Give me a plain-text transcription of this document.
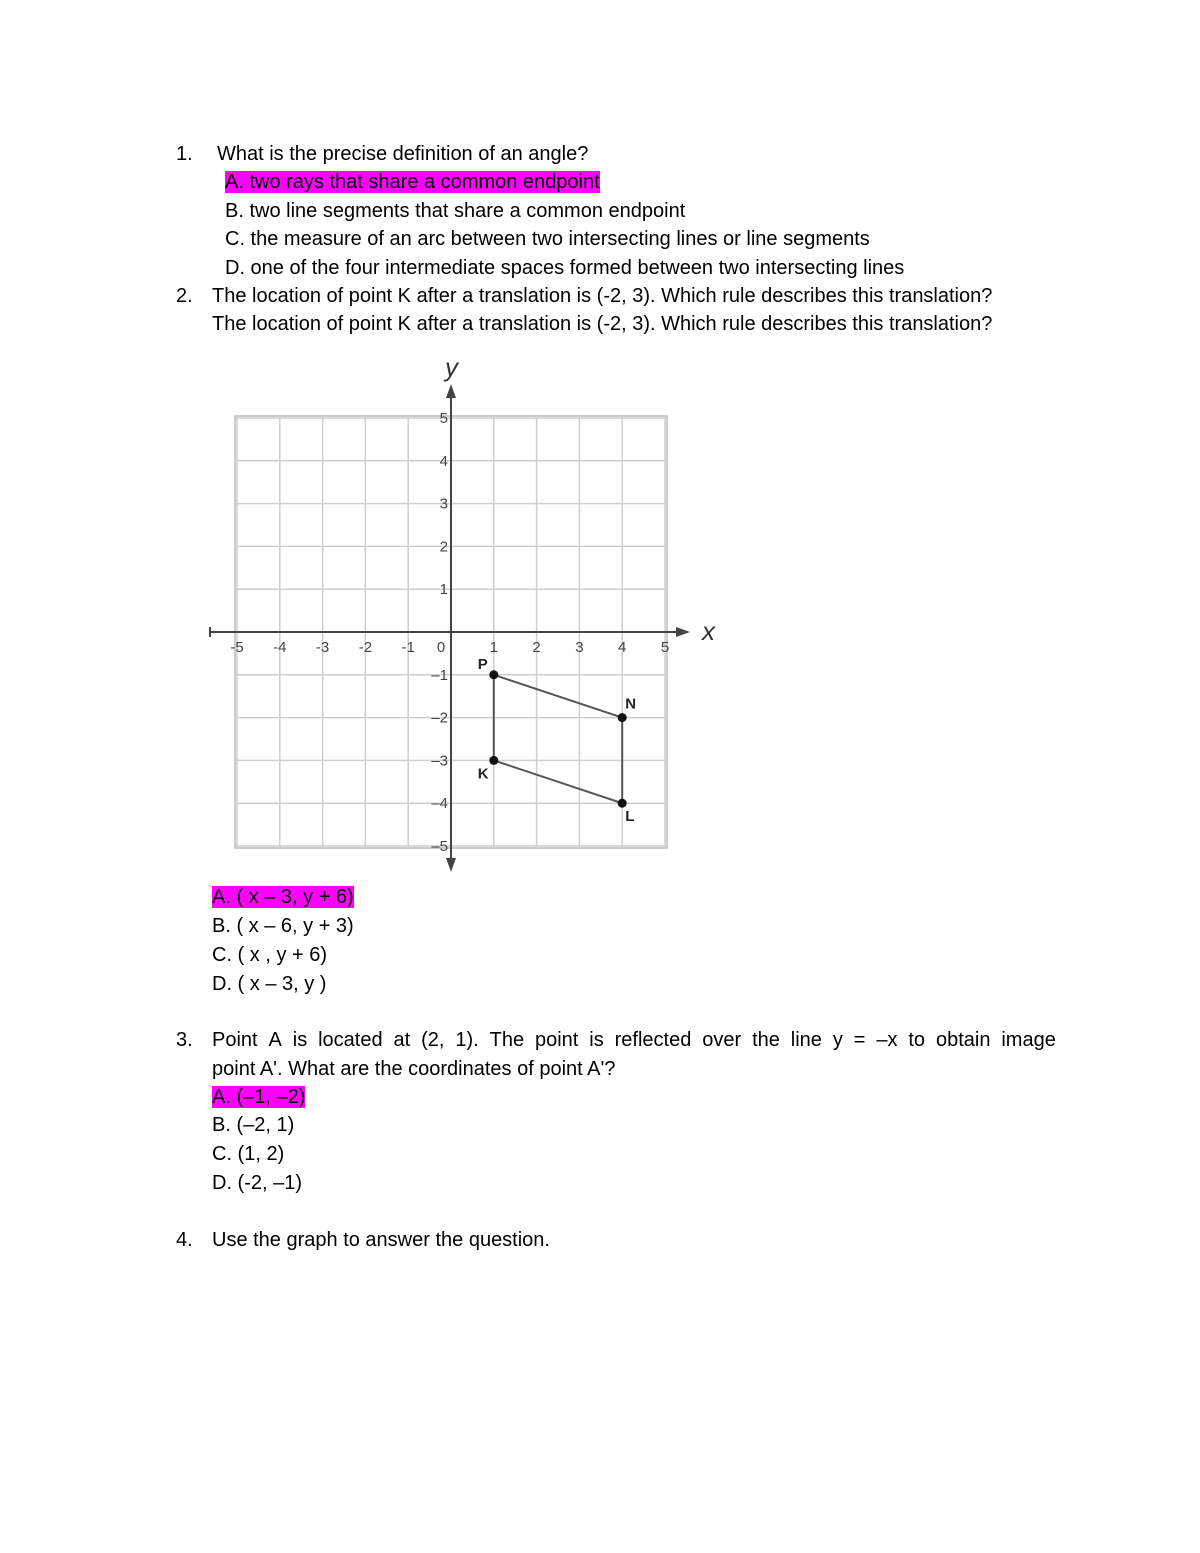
1. What is the precise definition of an angle?
A. two rays that share a common endpoint
B. two line segments that share a common endpoint
C. the measure of an arc between two intersecting lines or line segments
D. one of the four intermediate spaces formed between two intersecting lines
2. The location of point K after a translation is (-2, 3). Which rule describes this translation?
The location of point K after a translation is (-2, 3). Which rule describes this translation?
x
y
-5 -4 -3 -2 -1 0	1 2 3 4 5
5
4
3
2
1
–1
–2
–3
–4
–5
P
N
L
K
A. ( x – 3, y + 6)
B. ( x – 6, y + 3)
C. ( x , y + 6)
D. ( x – 3, y )
3. Point A is located at (2, 1). The point is reflected over the line y = –x to obtain image
point A'. What are the coordinates of point A'?
A. (–1, –2)
B. (–2, 1)
C. (1, 2)
D. (-2, –1)
4. Use the graph to answer the question.
